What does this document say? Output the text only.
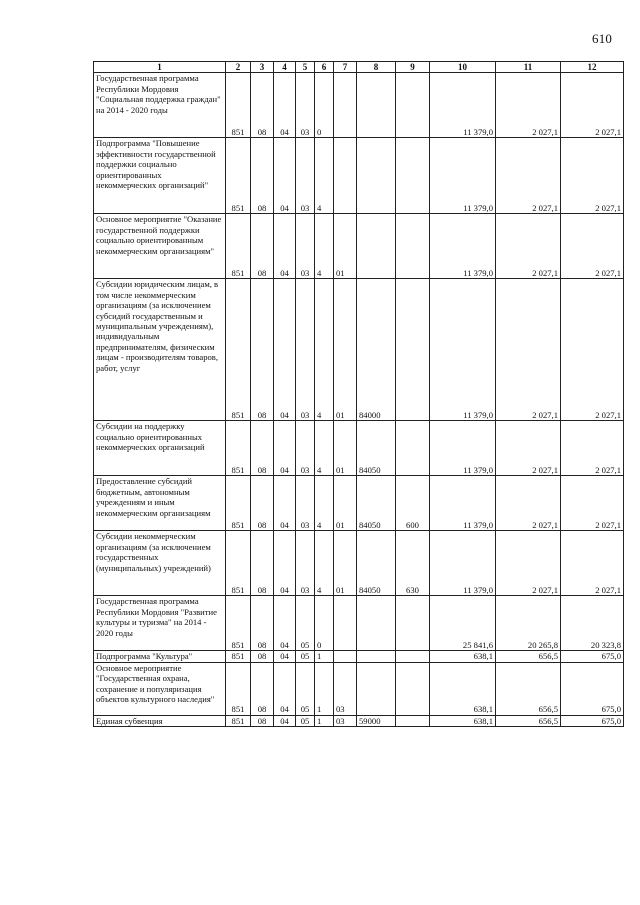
610
1	2	3	4	5	6	7	8	9	10	11	12
Государственная программа Республики Мордовия "Социальная поддержка граждан" на 2014 - 2020 годы	851	08	04	03	0				11 379,0	2 027,1	2 027,1
Подпрограмма "Повышение эффективности государственной поддержки социально ориентированных некоммерческих организаций"	851	08	04	03	4				11 379,0	2 027,1	2 027,1
Основное мероприятие "Оказание государственной поддержки социально ориентированным некоммерческим организациям"	851	08	04	03	4	01			11 379,0	2 027,1	2 027,1
Субсидии юридическим лицам, в том числе некоммерческим организациям (за исключением субсидий государственным и муниципальным учреждениям), индивидуальным предпринимателям, физическим лицам - производителям товаров, работ, услуг	851	08	04	03	4	01	84000		11 379,0	2 027,1	2 027,1
Субсидии на поддержку социально ориентированных некоммерческих организаций	851	08	04	03	4	01	84050		11 379,0	2 027,1	2 027,1
Предоставление субсидий бюджетным, автономным учреждениям и иным некоммерческим организациям	851	08	04	03	4	01	84050	600	11 379,0	2 027,1	2 027,1
Субсидии некоммерческим организациям (за исключением государственных (муниципальных) учреждений)	851	08	04	03	4	01	84050	630	11 379,0	2 027,1	2 027,1
Государственная программа Республики Мордовия "Развитие культуры и туризма" на 2014 - 2020 годы	851	08	04	05	0				25 841,6	20 265,8	20 323,8
Подпрограмма "Культура"	851	08	04	05	1				638,1	656,5	675,0
Основное мероприятие "Государственная охрана, сохранение и популяризация объектов культурного наследия"	851	08	04	05	1	03			638,1	656,5	675,0
Единая субвенция	851	08	04	05	1	03	59000		638,1	656,5	675,0
